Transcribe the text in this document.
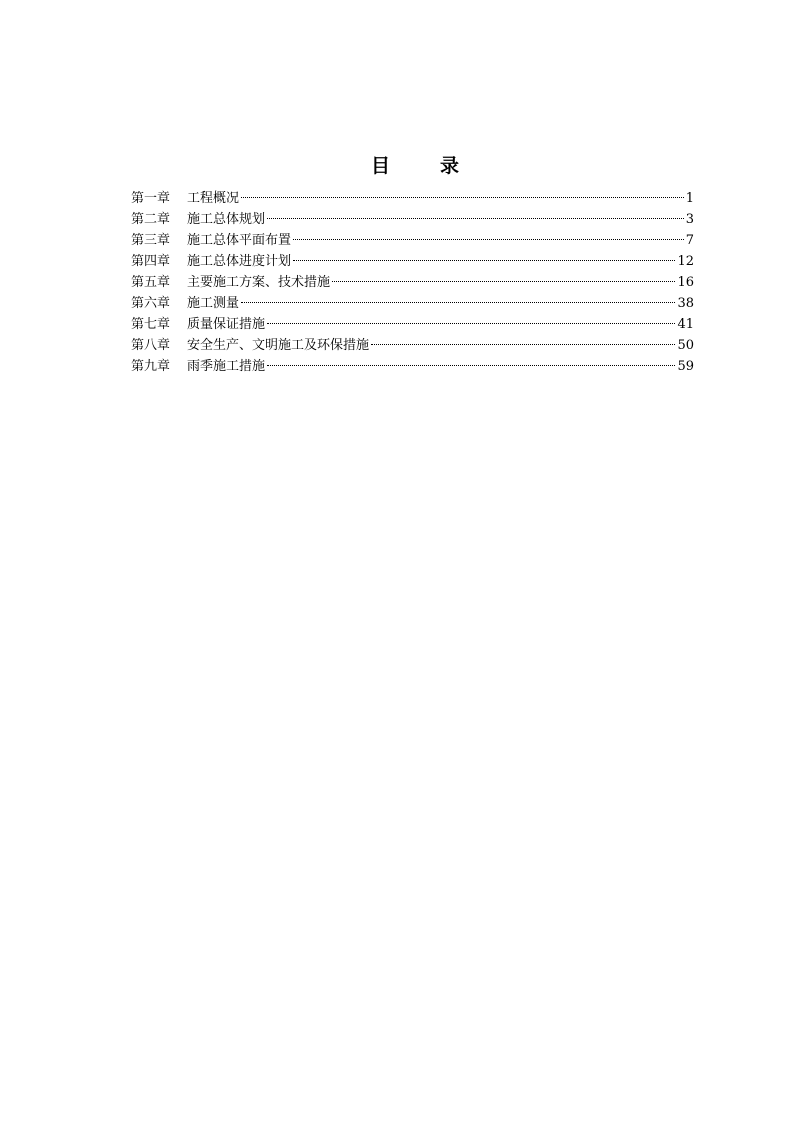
目	录
第一章	工程概况	1
第二章	施工总体规划	3
第三章	施工总体平面布置	7
第四章	施工总体进度计划	12
第五章	主要施工方案、技术措施	16
第六章	施工测量	38
第七章	质量保证措施	41
第八章	安全生产、文明施工及环保措施	50
第九章	雨季施工措施	59
